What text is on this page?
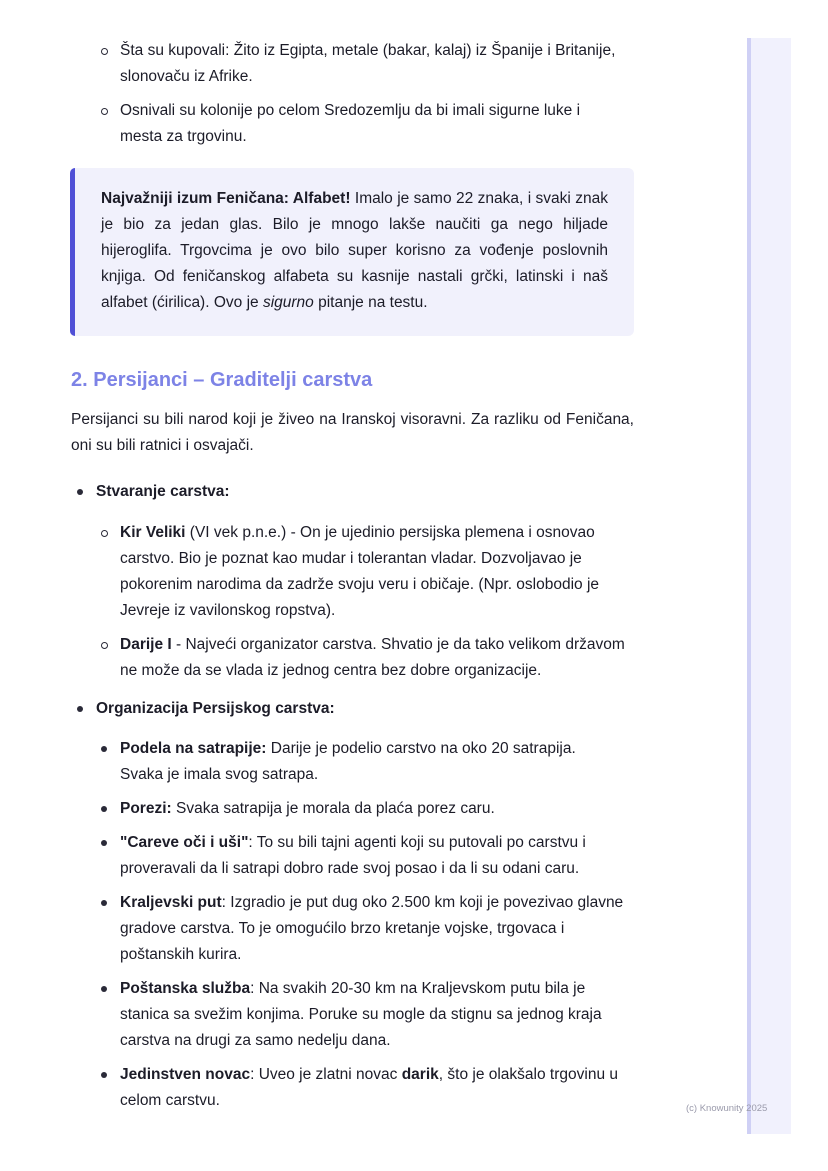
Šta su kupovali: Žito iz Egipta, metale (bakar, kalaj) iz Španije i Britanije, slonovaču iz Afrike.
Osnivali su kolonije po celom Sredozemlju da bi imali sigurne luke i mesta za trgovinu.
Najvažniji izum Feničana: Alfabet! Imalo je samo 22 znaka, i svaki znak je bio za jedan glas. Bilo je mnogo lakše naučiti ga nego hiljade hijeroglifa. Trgovcima je ovo bilo super korisno za vođenje poslovnih knjiga. Od feničanskog alfabeta su kasnije nastali grčki, latinski i naš alfabet (ćirilica). Ovo je sigurno pitanje na testu.
2. Persijanci – Graditelji carstva

Persijanci su bili narod koji je živeo na Iranskoj visoravni. Za razliku od Feničana, oni su bili ratnici i osvajači.

Stvaranje carstva:
Kir Veliki (VI vek p.n.e.) - On je ujedinio persijska plemena i osnovao carstvo. Bio je poznat kao mudar i tolerantan vladar. Dozvoljavao je pokorenim narodima da zadrže svoju veru i običaje. (Npr. oslobodio je Jevreje iz vavilonskog ropstva).
Darije I - Najveći organizator carstva. Shvatio je da tako velikom državom ne može da se vlada iz jednog centra bez dobre organizacije.
Organizacija Persijskog carstva:
Podela na satrapije: Darije je podelio carstvo na oko 20 satrapija. Svaka je imala svog satrapa.
Porezi: Svaka satrapija je morala da plaća porez caru.
"Careve oči i uši": To su bili tajni agenti koji su putovali po carstvu i proveravali da li satrapi dobro rade svoj posao i da li su odani caru.
Kraljevski put: Izgradio je put dug oko 2.500 km koji je povezivao glavne gradove carstva. To je omogućilo brzo kretanje vojske, trgovaca i poštanskih kurira.
Poštanska služba: Na svakih 20-30 km na Kraljevskom putu bila je stanica sa svežim konjima. Poruke su mogle da stignu sa jednog kraja carstva na drugi za samo nedelju dana.
Jedinstven novac: Uveo je zlatni novac darik, što je olakšalo trgovinu u celom carstvu.	(c) Knowunity 2025
